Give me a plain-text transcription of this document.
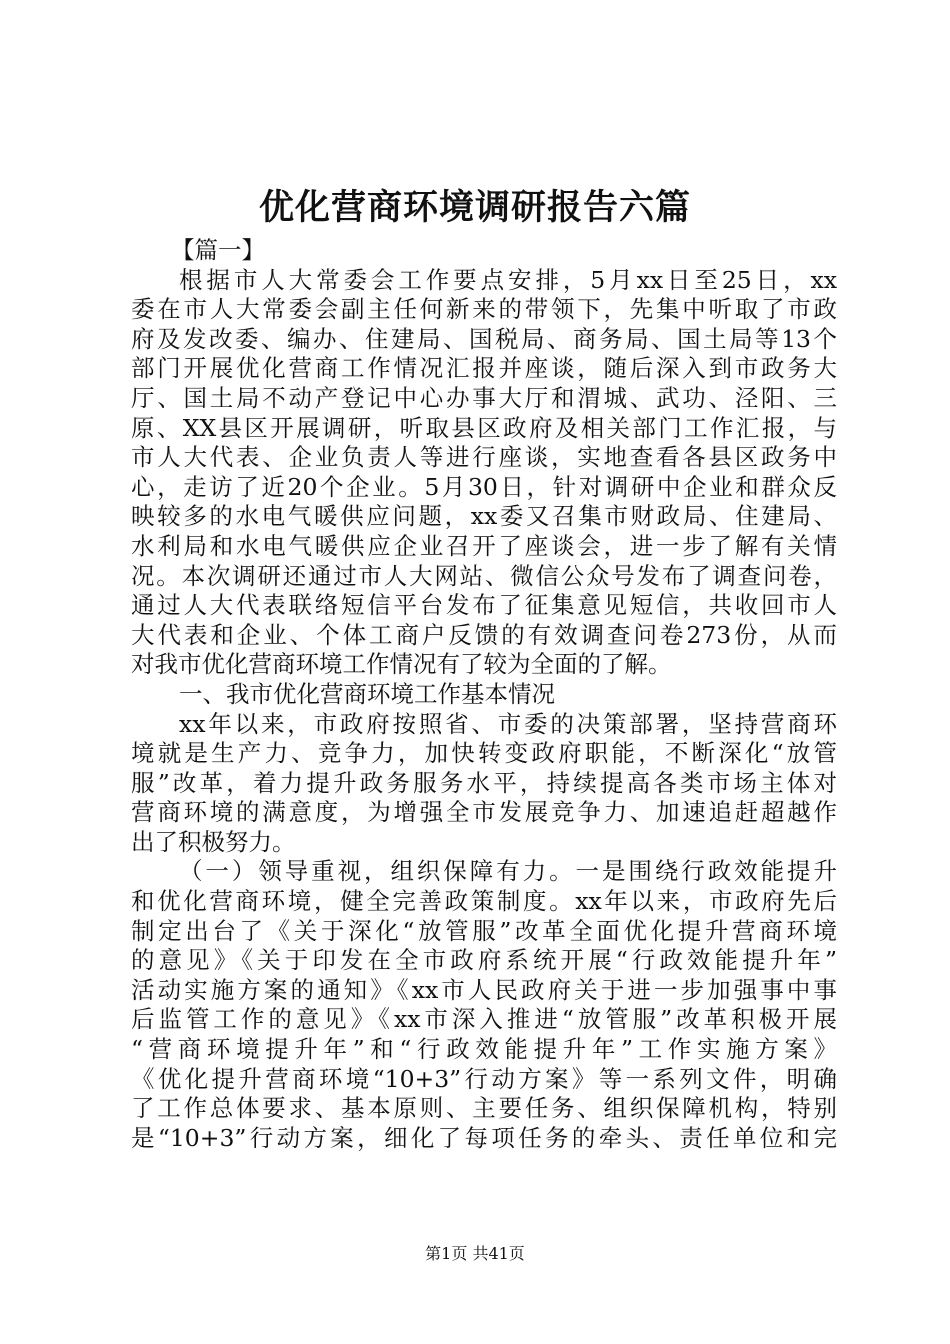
优化营商环境调研报告六篇
【篇一】
根据市人大常委会工作要点安排，5月xx日至25日，xx
委在市人大常委会副主任何新来的带领下，先集中听取了市政
府及发改委、编办、住建局、国税局、商务局、国土局等13个
部门开展优化营商工作情况汇报并座谈，随后深入到市政务大
厅、国土局不动产登记中心办事大厅和渭城、武功、泾阳、三
原、XX县区开展调研，听取县区政府及相关部门工作汇报，与
市人大代表、企业负责人等进行座谈，实地查看各县区政务中
心，走访了近20个企业。5月30日，针对调研中企业和群众反
映较多的水电气暖供应问题，xx委又召集市财政局、住建局、
水利局和水电气暖供应企业召开了座谈会，进一步了解有关情
况。本次调研还通过市人大网站、微信公众号发布了调查问卷，
通过人大代表联络短信平台发布了征集意见短信，共收回市人
大代表和企业、个体工商户反馈的有效调查问卷273份，从而
对我市优化营商环境工作情况有了较为全面的了解。
一、我市优化营商环境工作基本情况
xx年以来，市政府按照省、市委的决策部署，坚持营商环
境就是生产力、竞争力，加快转变政府职能，不断深化“放管
服”改革，着力提升政务服务水平，持续提高各类市场主体对
营商环境的满意度，为增强全市发展竞争力、加速追赶超越作
出了积极努力。
（一）领导重视，组织保障有力。一是围绕行政效能提升
和优化营商环境，健全完善政策制度。xx年以来，市政府先后
制定出台了《关于深化“放管服”改革全面优化提升营商环境
的意见》《关于印发在全市政府系统开展“行政效能提升年”
活动实施方案的通知》《xx市人民政府关于进一步加强事中事
后监管工作的意见》《xx市深入推进“放管服”改革积极开展
“营商环境提升年”和“行政效能提升年”工作实施方案》
《优化提升营商环境“10+3”行动方案》等一系列文件，明确
了工作总体要求、基本原则、主要任务、组织保障机构，特别
是“10+3”行动方案，细化了每项任务的牵头、责任单位和完
第1页 共41页
